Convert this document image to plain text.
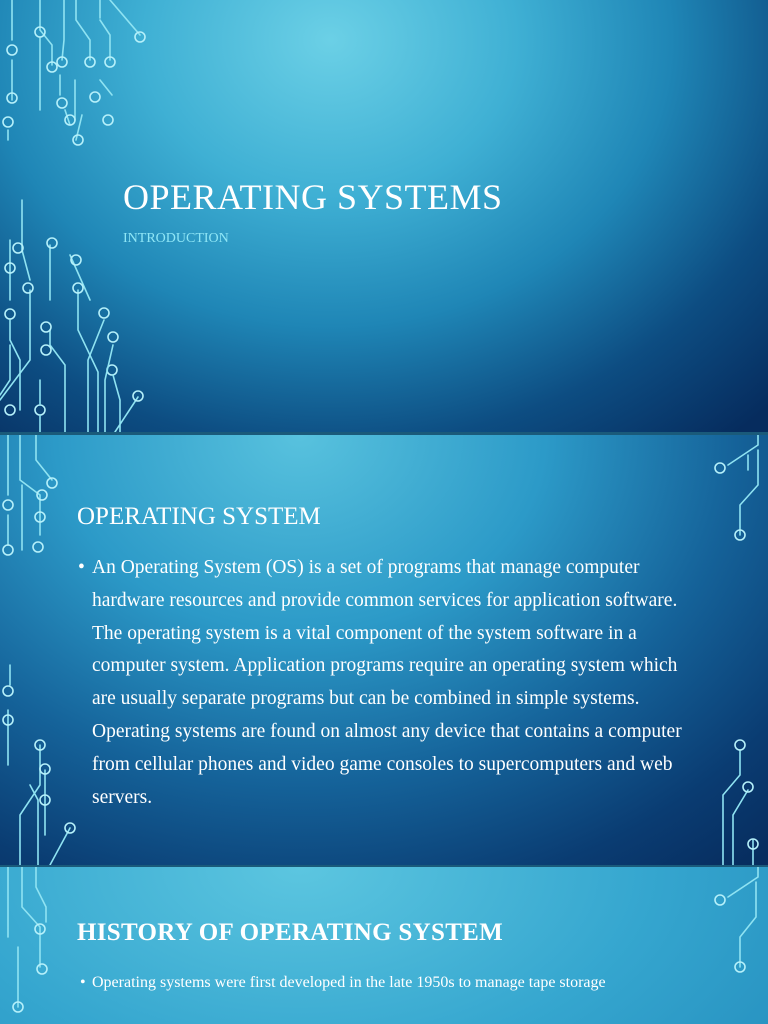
OPERATING SYSTEMS
INTRODUCTION
OPERATING SYSTEM
• An Operating System (OS) is a set of programs that manage computer hardware resources and provide common services for application software. The operating system is a vital component of the system software in a computer system. Application programs require an operating system which are usually separate programs but can be combined in simple systems. Operating systems are found on almost any device that contains a computer from cellular phones and video game consoles to supercomputers and web servers.
HISTORY OF OPERATING SYSTEM
• Operating systems were first developed in the late 1950s to manage tape storage
